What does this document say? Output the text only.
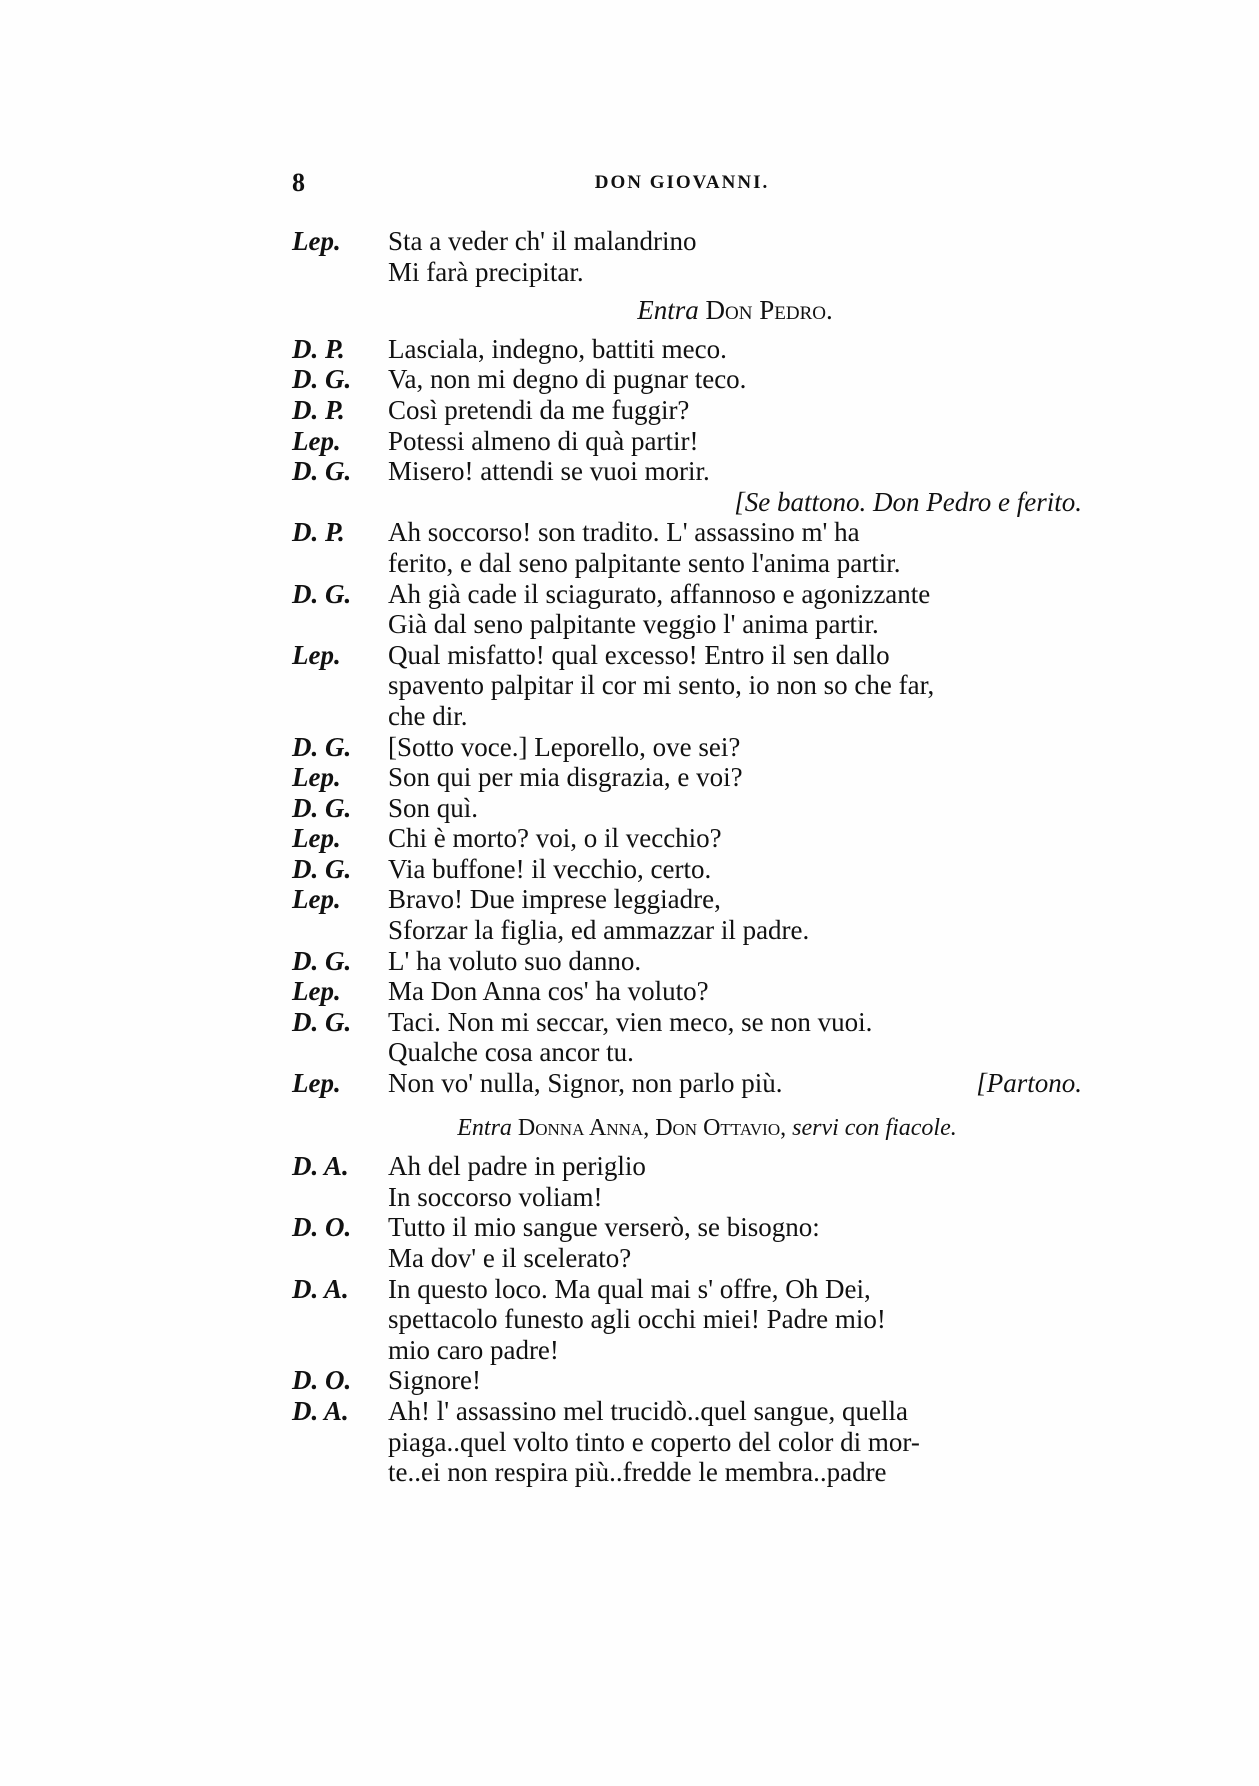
8	DON GIOVANNI.
Lep. Sta a veder ch' il malandrino
Mi farà precipitar.
Entra Don Pedro.
D. P. Lasciala, indegno, battiti meco.
D. G. Va, non mi degno di pugnar teco.
D. P. Così pretendi da me fuggir?
Lep. Potessi almeno di quà partir!
D. G. Misero! attendi se vuoi morir.
[Se battono. Don Pedro e ferito.
D. P. Ah soccorso! son tradito. L' assassino m' ha
ferito, e dal seno palpitante sento l'anima partir.
D. G. Ah già cade il sciagurato, affannoso e agonizzante
Già dal seno palpitante veggio l' anima partir.
Lep. Qual misfatto! qual excesso! Entro il sen dallo
spavento palpitar il cor mi sento, io non so che far,
che dir.
D. G. [Sotto voce.] Leporello, ove sei?
Lep. Son qui per mia disgrazia, e voi?
D. G. Son quì.
Lep. Chi è morto? voi, o il vecchio?
D. G. Via buffone! il vecchio, certo.
Lep. Bravo! Due imprese leggiadre,
Sforzar la figlia, ed ammazzar il padre.
D. G. L' ha voluto suo danno.
Lep. Ma Don Anna cos' ha voluto?
D. G. Taci. Non mi seccar, vien meco, se non vuoi.
Qualche cosa ancor tu.
Lep. Non vo' nulla, Signor, non parlo più.	[Partono.
Entra Donna Anna, Don Ottavio, servi con fiacole.
D. A. Ah del padre in periglio
In soccorso voliam!
D. O. Tutto il mio sangue verserò, se bisogno:
Ma dov' e il scelerato?
D. A. In questo loco. Ma qual mai s' offre, Oh Dei,
spettacolo funesto agli occhi miei! Padre mio!
mio caro padre!
D. O. Signore!
D. A. Ah! l' assassino mel trucidò..quel sangue, quella
piaga..quel volto tinto e coperto del color di mor-
te..ei non respira più..fredde le membra..padre
